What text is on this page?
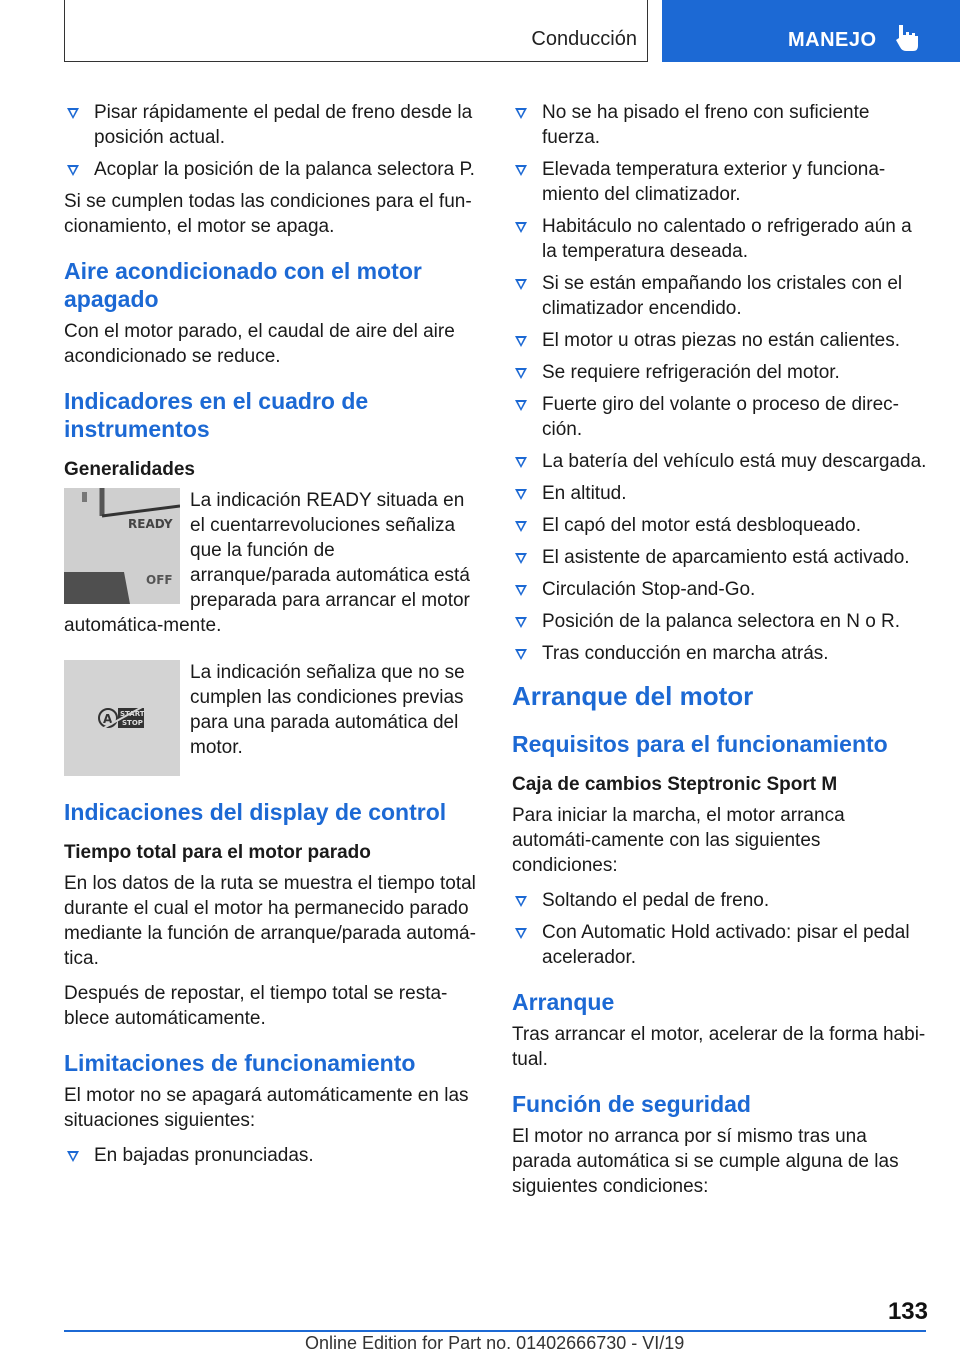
Conducción	MANEJO
Pisar rápidamente el pedal de freno desde la posición actual.
Acoplar la posición de la palanca selectora P.

Si se cumplen todas las condiciones para el fun-cionamiento, el motor se apaga.

Aire acondicionado con el motor apagado

Con el motor parado, el caudal de aire del aire acondicionado se reduce.

Indicadores en el cuadro de instrumentos
Generalidades
READY
OFF

La indicación READY situada en el cuentarrevoluciones señaliza que la función de arranque/parada automática está preparada para arrancar el motor automática-mente.

A START
STOP

La indicación señaliza que no se cumplen las condiciones previas para una parada automática del motor.

Indicaciones del display de control
Tiempo total para el motor parado

En los datos de la ruta se muestra el tiempo total durante el cual el motor ha permanecido parado mediante la función de arranque/parada automá-tica.

Después de repostar, el tiempo total se resta-blece automáticamente.

Limitaciones de funcionamiento

El motor no se apagará automáticamente en las situaciones siguientes:

En bajadas pronunciadas.
No se ha pisado el freno con suficiente fuerza.
Elevada temperatura exterior y funciona-miento del climatizador.
Habitáculo no calentado o refrigerado aún a la temperatura deseada.
Si se están empañando los cristales con el climatizador encendido.
El motor u otras piezas no están calientes.
Se requiere refrigeración del motor.
Fuerte giro del volante o proceso de direc-ción.
La batería del vehículo está muy descargada.
En altitud.
El capó del motor está desbloqueado.
El asistente de aparcamiento está activado.
Circulación Stop-and-Go.
Posición de la palanca selectora en N o R.
Tras conducción en marcha atrás.
Arranque del motor
Requisitos para el funcionamiento
Caja de cambios Steptronic Sport M

Para iniciar la marcha, el motor arranca automáti-camente con las siguientes condiciones:

Soltando el pedal de freno.
Con Automatic Hold activado: pisar el pedal acelerador.
Arranque

Tras arrancar el motor, acelerar de la forma habi-tual.

Función de seguridad

El motor no arranca por sí mismo tras una parada automática si se cumple alguna de las siguientes condiciones:

133
Online Edition for Part no. 01402666730 - VI/19
